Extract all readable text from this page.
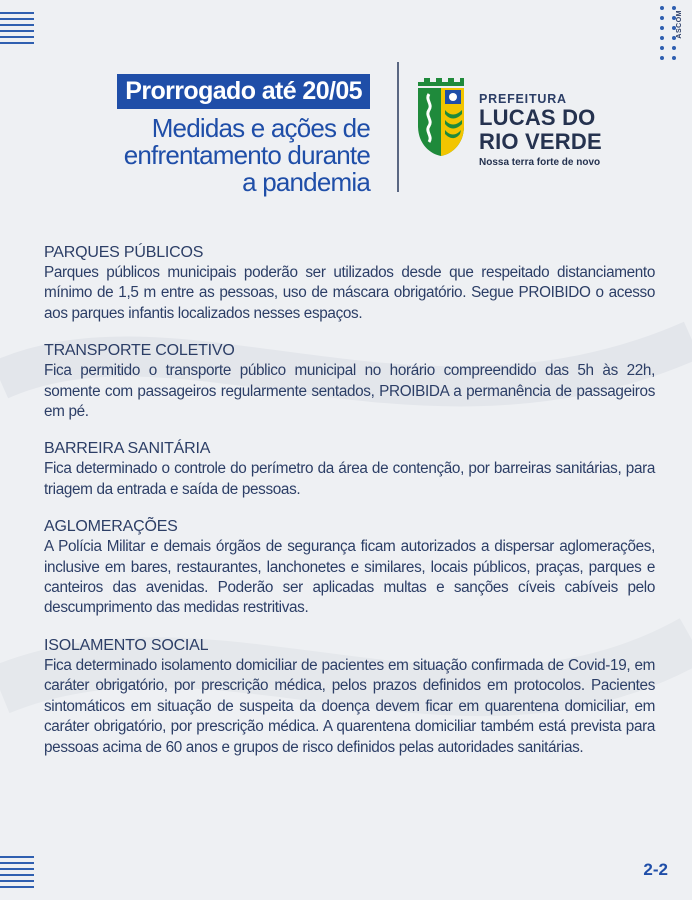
ASCOM
Prorrogado até 20/05
Medidas e ações de
enfrentamento durante
a pandemia
PREFEITURA
LUCAS DO
RIO VERDE
Nossa terra forte de novo
PARQUES PÚBLICOS

Parques públicos municipais poderão ser utilizados desde que respeitado distanciamento mínimo de 1,5 m entre as pessoas, uso de máscara obrigatório. Segue PROIBIDO o acesso aos parques infantis localizados nesses espaços.

TRANSPORTE COLETIVO

Fica permitido o transporte público municipal no horário compreendido das 5h às 22h, somente com passageiros regularmente sentados, PROIBIDA a permanência de passageiros em pé.

BARREIRA SANITÁRIA

Fica determinado o controle do perímetro da área de contenção, por barreiras sanitárias, para triagem da entrada e saída de pessoas.

AGLOMERAÇÕES

A Polícia Militar e demais órgãos de segurança ficam autorizados a dispersar aglomerações, inclusive em bares, restaurantes, lanchonetes e similares, locais públicos, praças, parques e canteiros das avenidas. Poderão ser aplicadas multas e sanções cíveis cabíveis pelo descumprimento das medidas restritivas.

ISOLAMENTO SOCIAL

Fica determinado isolamento domiciliar de pacientes em situação confirmada de Covid-19, em caráter obrigatório, por prescrição médica, pelos prazos definidos em protocolos. Pacientes sintomáticos em situação de suspeita da doença devem ficar em quarentena domiciliar, em caráter obrigatório, por prescrição médica. A quarentena domiciliar também está prevista para pessoas acima de 60 anos e grupos de risco definidos pelas autoridades sanitárias.

2-2
